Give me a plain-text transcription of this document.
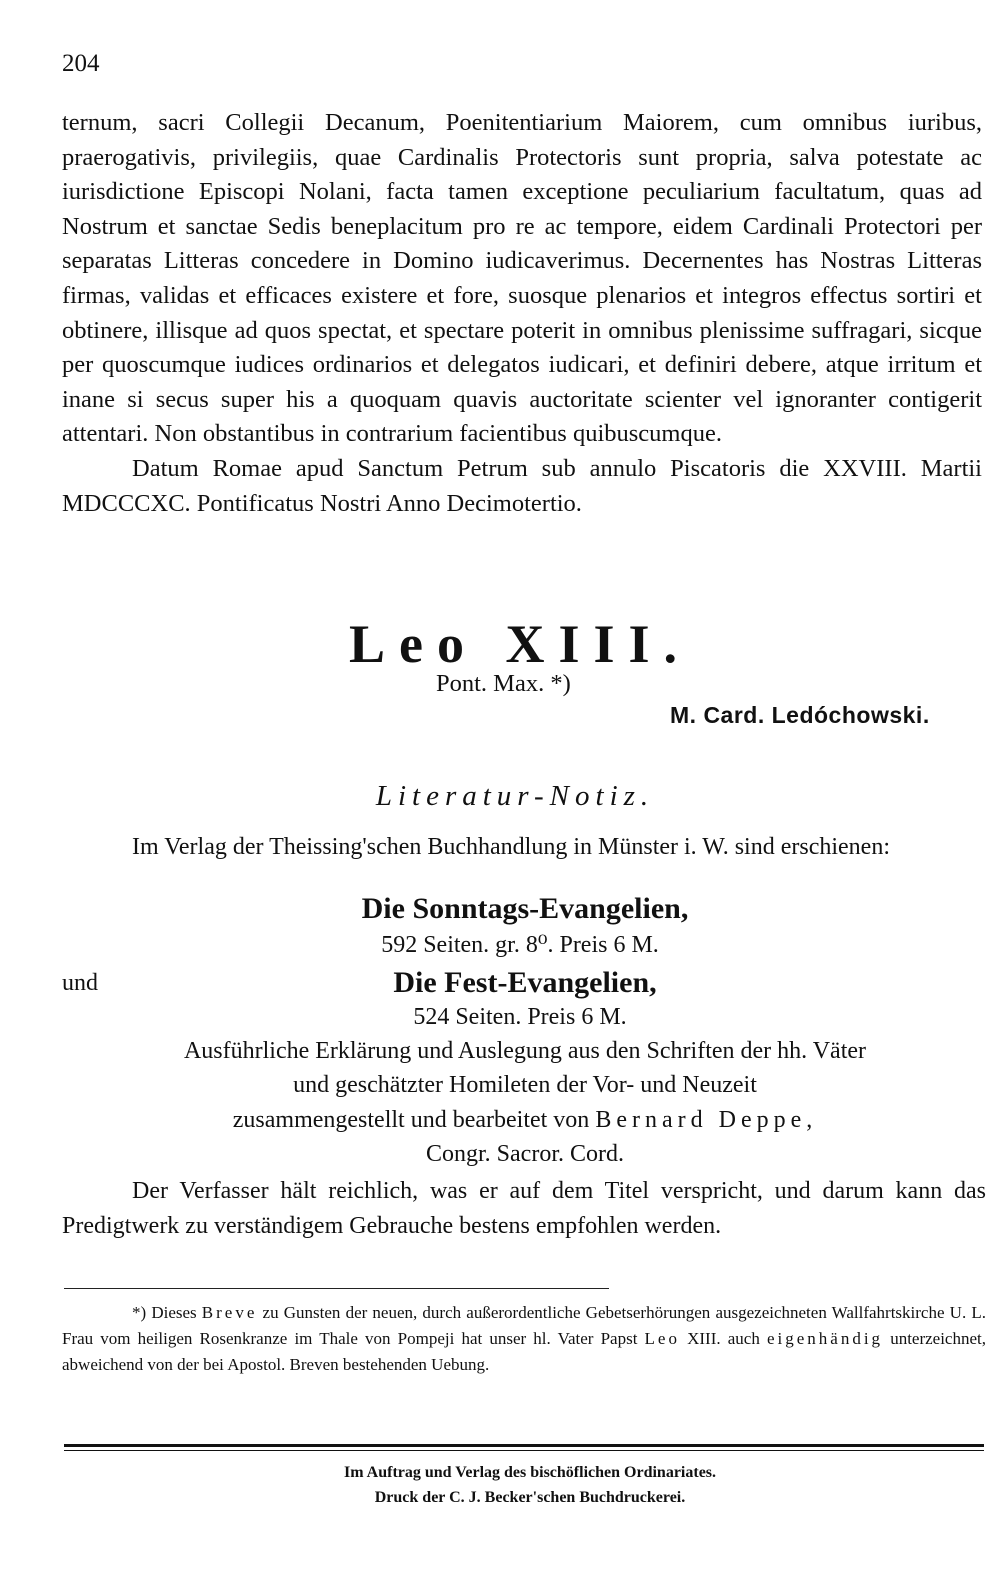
204

ternum, sacri Collegii Decanum, Poenitentiarium Maiorem, cum omnibus iuribus, praerogativis, privilegiis, quae Cardinalis Protectoris sunt propria, salva potestate ac iurisdictione Episcopi Nolani, facta tamen exceptione peculiarium facultatum, quas ad Nostrum et sanctae Sedis beneplacitum pro re ac tempore, eidem Cardinali Protectori per separatas Litteras concedere in Domino iudicaverimus. Decernentes has Nostras Litteras firmas, validas et efficaces existere et fore, suosque plenarios et integros effectus sortiri et obtinere, illisque ad quos spectat, et spectare poterit in omnibus plenissime suffragari, sicque per quoscumque iudices ordinarios et delegatos iudicari, et definiri debere, atque irritum et inane si secus super his a quoquam quavis auctoritate scienter vel ignoranter contigerit attentari. Non obstantibus in contrarium facientibus quibuscumque.

Datum Romae apud Sanctum Petrum sub annulo Piscatoris die XXVIII. Martii MDCCCXC. Pontificatus Nostri Anno Decimotertio.

Leo XIII.
Pont. Max. *)
M. Card. Ledóchowski.
Literatur-Notiz.

Im Verlag der Theissing'schen Buchhandlung in Münster i. W. sind erschienen:

Die Sonntags-Evangelien,
592 Seiten. gr. 8⁰. Preis 6 M.
und	Die Fest-Evangelien,
524 Seiten. Preis 6 M.
Ausführliche Erklärung und Auslegung aus den Schriften der hh. Väter
und geschätzter Homileten der Vor- und Neuzeit
zusammengestellt und bearbeitet von Bernard Deppe,
Congr. Sacror. Cord.

Der Verfasser hält reichlich, was er auf dem Titel verspricht, und darum kann das Predigtwerk zu verständigem Gebrauche bestens empfohlen werden.

*) Dieses Breve zu Gunsten der neuen, durch außerordentliche Gebetserhörungen ausgezeichneten Wallfahrtskirche U. L. Frau vom heiligen Rosenkranze im Thale von Pompeji hat unser hl. Vater Papst Leo XIII. auch eigenhändig unterzeichnet, abweichend von der bei Apostol. Breven bestehenden Uebung.

Im Auftrag und Verlag des bischöflichen Ordinariates.
Druck der C. J. Becker'schen Buchdruckerei.
